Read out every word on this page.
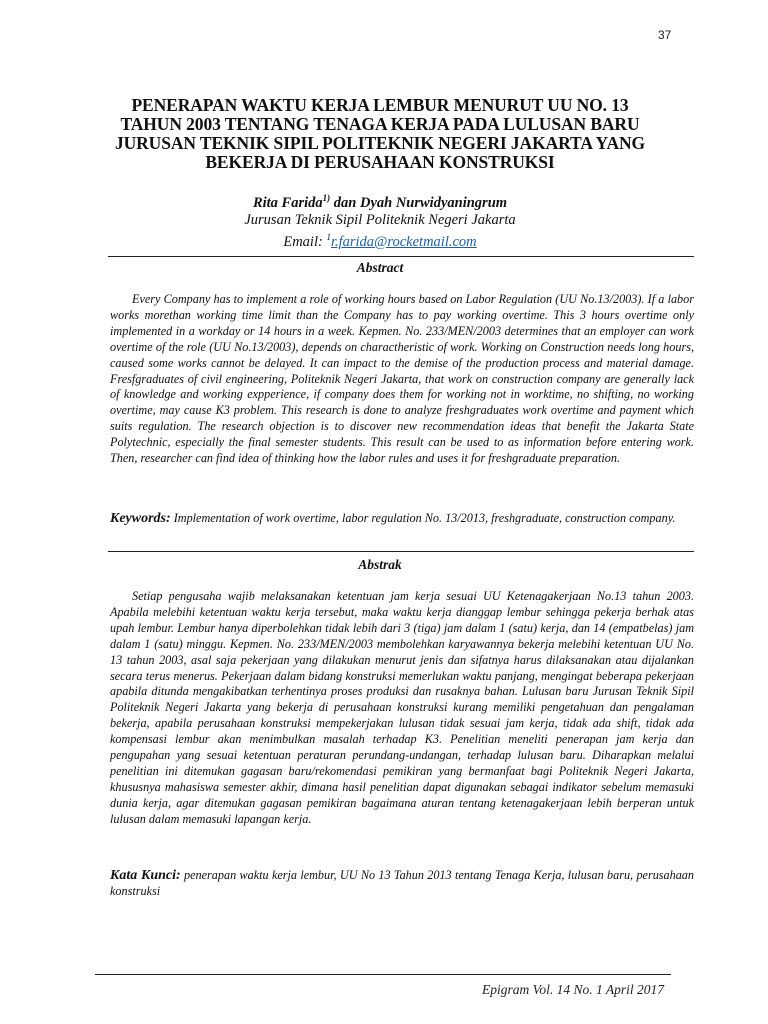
37
PENERAPAN WAKTU KERJA LEMBUR MENURUT UU NO. 13
TAHUN 2003 TENTANG TENAGA KERJA PADA LULUSAN BARU
JURUSAN TEKNIK SIPIL POLITEKNIK NEGERI JAKARTA YANG
BEKERJA DI PERUSAHAAN KONSTRUKSI
Rita Farida$^{1)}$ dan Dyah Nurwidyaningrum
Jurusan Teknik Sipil Politeknik Negeri Jakarta
Email: $^1$r.farida@rocketmail.com
Abstract
Every Company has to implement a role of working hours based on Labor Regulation (UU No.13/2003). If a labor works morethan working time limit than the Company has to pay working overtime. This 3 hours overtime only implemented in a workday or 14 hours in a week. Kepmen. No. 233/MEN/2003 determines that an employer can work overtime of the role (UU No.13/2003), depends on charactheristic of work. Working on Construction needs long hours, caused some works cannot be delayed. It can impact to the demise of the production process and material damage. Fresfgraduates of civil engineering, Politeknik Negeri Jakarta, that work on construction company are generally lack of knowledge and working expperience, if company does them for working not in worktime, no shifting, no working overtime, may cause K3 problem. This research is done to analyze freshgraduates work overtime and payment which suits regulation. The research objection is to discover new recommendation ideas that benefit the Jakarta State Polytechnic, especially the final semester students. This result can be used to as information before entering work. Then, researcher can find idea of thinking how the labor rules and uses it for freshgraduate preparation.
Keywords: Implementation of work overtime, labor regulation No. 13/2013, freshgraduate, construction company.
Abstrak
Setiap pengusaha wajib melaksanakan ketentuan jam kerja sesuai UU Ketenagakerjaan No.13 tahun 2003. Apabila melebihi ketentuan waktu kerja tersebut, maka waktu kerja dianggap lembur sehingga pekerja berhak atas upah lembur. Lembur hanya diperbolehkan tidak lebih dari 3 (tiga) jam dalam 1 (satu) kerja, dan 14 (empatbelas) jam dalam 1 (satu) minggu. Kepmen. No. 233/MEN/2003 membolehkan karyawannya bekerja melebihi ketentuan UU No. 13 tahun 2003, asal saja pekerjaan yang dilakukan menurut jenis dan sifatnya harus dilaksanakan atau dijalankan secara terus menerus. Pekerjaan dalam bidang konstruksi memerlukan waktu panjang, mengingat beberapa pekerjaan apabila ditunda mengakibatkan terhentinya proses produksi dan rusaknya bahan. Lulusan baru Jurusan Teknik Sipil Politeknik Negeri Jakarta yang bekerja di perusahaan konstruksi kurang memiliki pengetahuan dan pengalaman bekerja, apabila perusahaan konstruksi mempekerjakan lulusan tidak sesuai jam kerja, tidak ada shift, tidak ada kompensasi lembur akan menimbulkan masalah terhadap K3. Penelitian meneliti penerapan jam kerja dan pengupahan yang sesuai ketentuan peraturan perundang-undangan, terhadap lulusan baru. Diharapkan melalui penelitian ini ditemukan gagasan baru/rekomendasi pemikiran yang bermanfaat bagi Politeknik Negeri Jakarta, khususnya mahasiswa semester akhir, dimana hasil penelitian dapat digunakan sebagai indikator sebelum memasuki dunia kerja, agar ditemukan gagasan pemikiran bagaimana aturan tentang ketenagakerjaan lebih berperan untuk lulusan dalam memasuki lapangan kerja.
Kata Kunci: penerapan waktu kerja lembur, UU No 13 Tahun 2013 tentang Tenaga Kerja, lulusan baru, perusahaan konstruksi
Epigram Vol. 14 No. 1 April 2017
